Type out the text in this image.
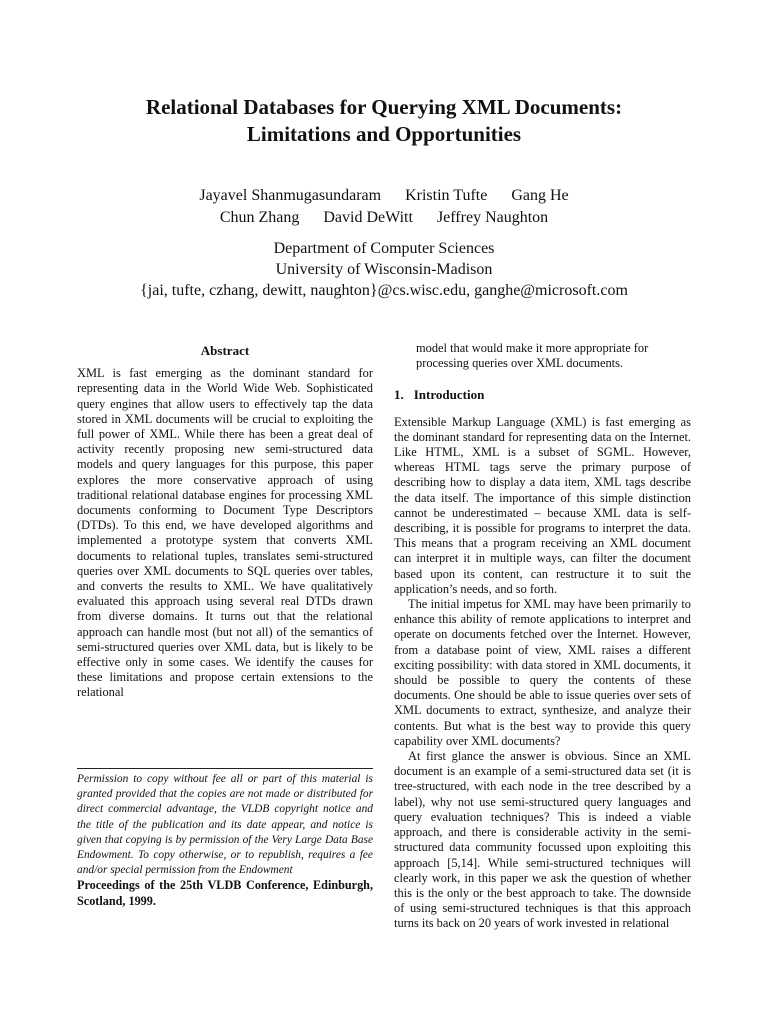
Relational Databases for Querying XML Documents:
Limitations and Opportunities
Jayavel Shanmugasundaram Kristin Tufte Gang He
Chun Zhang David DeWitt Jeffrey Naughton
Department of Computer Sciences
University of Wisconsin-Madison
{jai, tufte, czhang, dewitt, naughton}@cs.wisc.edu, ganghe@microsoft.com
Abstract

XML is fast emerging as the dominant standard for representing data in the World Wide Web. Sophisticated query engines that allow users to effectively tap the data stored in XML documents will be crucial to exploiting the full power of XML. While there has been a great deal of activity recently proposing new semi-structured data models and query languages for this purpose, this paper explores the more conservative approach of using traditional relational database engines for processing XML documents conforming to Document Type Descriptors (DTDs). To this end, we have developed algorithms and implemented a prototype system that converts XML documents to relational tuples, translates semi-structured queries over XML documents to SQL queries over tables, and converts the results to XML. We have qualitatively evaluated this approach using several real DTDs drawn from diverse domains. It turns out that the relational approach can handle most (but not all) of the semantics of semi-structured queries over XML data, but is likely to be effective only in some cases. We identify the causes for these limitations and propose certain extensions to the relational

Permission to copy without fee all or part of this material is granted provided that the copies are not made or distributed for direct commercial advantage, the VLDB copyright notice and the title of the publication and its date appear, and notice is given that copying is by permission of the Very Large Data Base Endowment. To copy otherwise, or to republish, requires a fee and/or special permission from the Endowment

Proceedings of the 25th VLDB Conference, Edinburgh, Scotland, 1999.

model that would make it more appropriate for processing queries over XML documents.

1. Introduction

Extensible Markup Language (XML) is fast emerging as the dominant standard for representing data on the Internet. Like HTML, XML is a subset of SGML. However, whereas HTML tags serve the primary purpose of describing how to display a data item, XML tags describe the data itself. The importance of this simple distinction cannot be underestimated – because XML data is self-describing, it is possible for programs to interpret the data. This means that a program receiving an XML document can interpret it in multiple ways, can filter the document based upon its content, can restructure it to suit the application’s needs, and so forth.

The initial impetus for XML may have been primarily to enhance this ability of remote applications to interpret and operate on documents fetched over the Internet. However, from a database point of view, XML raises a different exciting possibility: with data stored in XML documents, it should be possible to query the contents of these documents. One should be able to issue queries over sets of XML documents to extract, synthesize, and analyze their contents. But what is the best way to provide this query capability over XML documents?

At first glance the answer is obvious. Since an XML document is an example of a semi-structured data set (it is tree-structured, with each node in the tree described by a label), why not use semi-structured query languages and query evaluation techniques? This is indeed a viable approach, and there is considerable activity in the semi-structured data community focussed upon exploiting this approach [5,14]. While semi-structured techniques will clearly work, in this paper we ask the question of whether this is the only or the best approach to take. The downside of using semi-structured techniques is that this approach turns its back on 20 years of work invested in relational
